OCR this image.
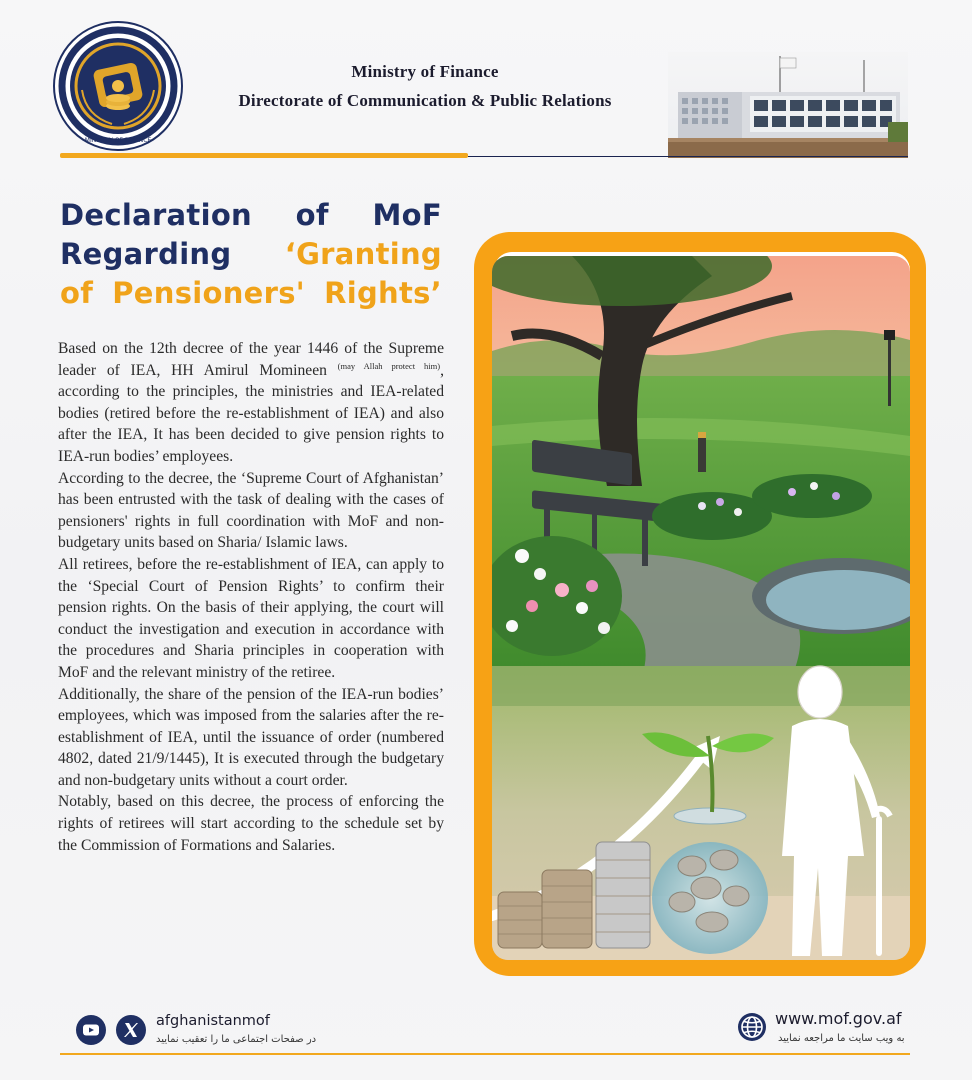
MINISTRY OF FINANCE
Ministry of Finance
Directorate of Communication & Public Relations
Declaration of MoF Regarding ‘Granting of Pensioners' Rights’

Based on the 12th decree of the year 1446 of the Supreme leader of IEA, HH Amirul Momineen $^{(may Allah protect him)}$, according to the principles, the ministries and IEA-related bodies (retired before the re-establishment of IEA) and also after the IEA, It has been decided to give pension rights to IEA-run bodies’ employees.

According to the decree, the ‘Supreme Court of Afghanistan’ has been entrusted with the task of dealing with the cases of pensioners' rights in full coordination with MoF and non-budgetary units based on Sharia/ Islamic laws.

All retirees, before the re-establishment of IEA, can apply to the ‘Special Court of Pension Rights’ to confirm their pension rights. On the basis of their applying, the court will conduct the investigation and execution in accordance with the procedures and Sharia principles in cooperation with MoF and the relevant ministry of the retiree.

Additionally, the share of the pension of the IEA-run bodies’ employees, which was imposed from the salaries after the re-establishment of IEA, until the issuance of order (numbered 4802, dated 21/9/1445), It is executed through the budgetary and non-budgetary units without a court order.

Notably, based on this decree, the process of enforcing the rights of retirees will start according to the schedule set by the Commission of Formations and Salaries.

afghanistanmof
در صفحات اجتماعی ما را تعقیب نمایید
www.mof.gov.af
به ویب سایت ما مراجعه نمایید
